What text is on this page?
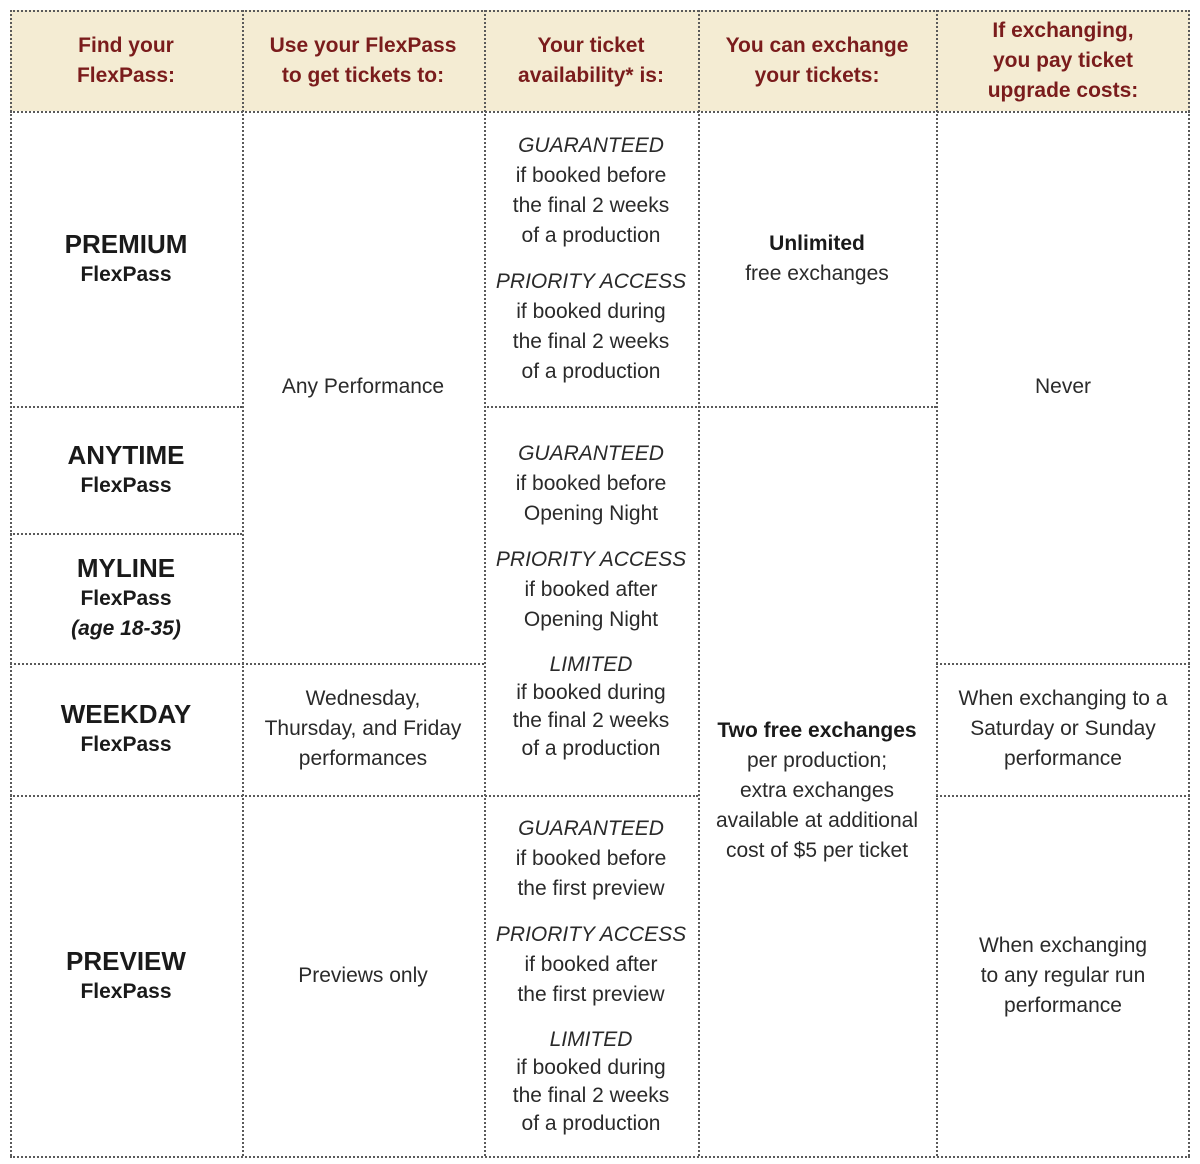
Find your
FlexPass:
Use your FlexPass
to get tickets to:
Your ticket
availability* is:
You can exchange
your tickets:
If exchanging,
you pay ticket
upgrade costs:
PREMIUM
FlexPass
ANYTIME
FlexPass
MYLINE
FlexPass
(age 18-35)
WEEKDAY
FlexPass
PREVIEW
FlexPass
Any Performance
Wednesday,
Thursday, and Friday
performances
Previews only
GUARANTEED
if booked before
the final 2 weeks
of a production
PRIORITY ACCESS
if booked during
the final 2 weeks
of a production
GUARANTEED
if booked before
Opening Night
PRIORITY ACCESS
if booked after
Opening Night
LIMITED
if booked during
the final 2 weeks
of a production
GUARANTEED
if booked before
the first preview
PRIORITY ACCESS
if booked after
the first preview
LIMITED
if booked during
the final 2 weeks
of a production
Unlimited
free exchanges
Two free exchanges
per production;
extra exchanges
available at additional
cost of $5 per ticket
Never
When exchanging to a
Saturday or Sunday
performance
When exchanging
to any regular run
performance
